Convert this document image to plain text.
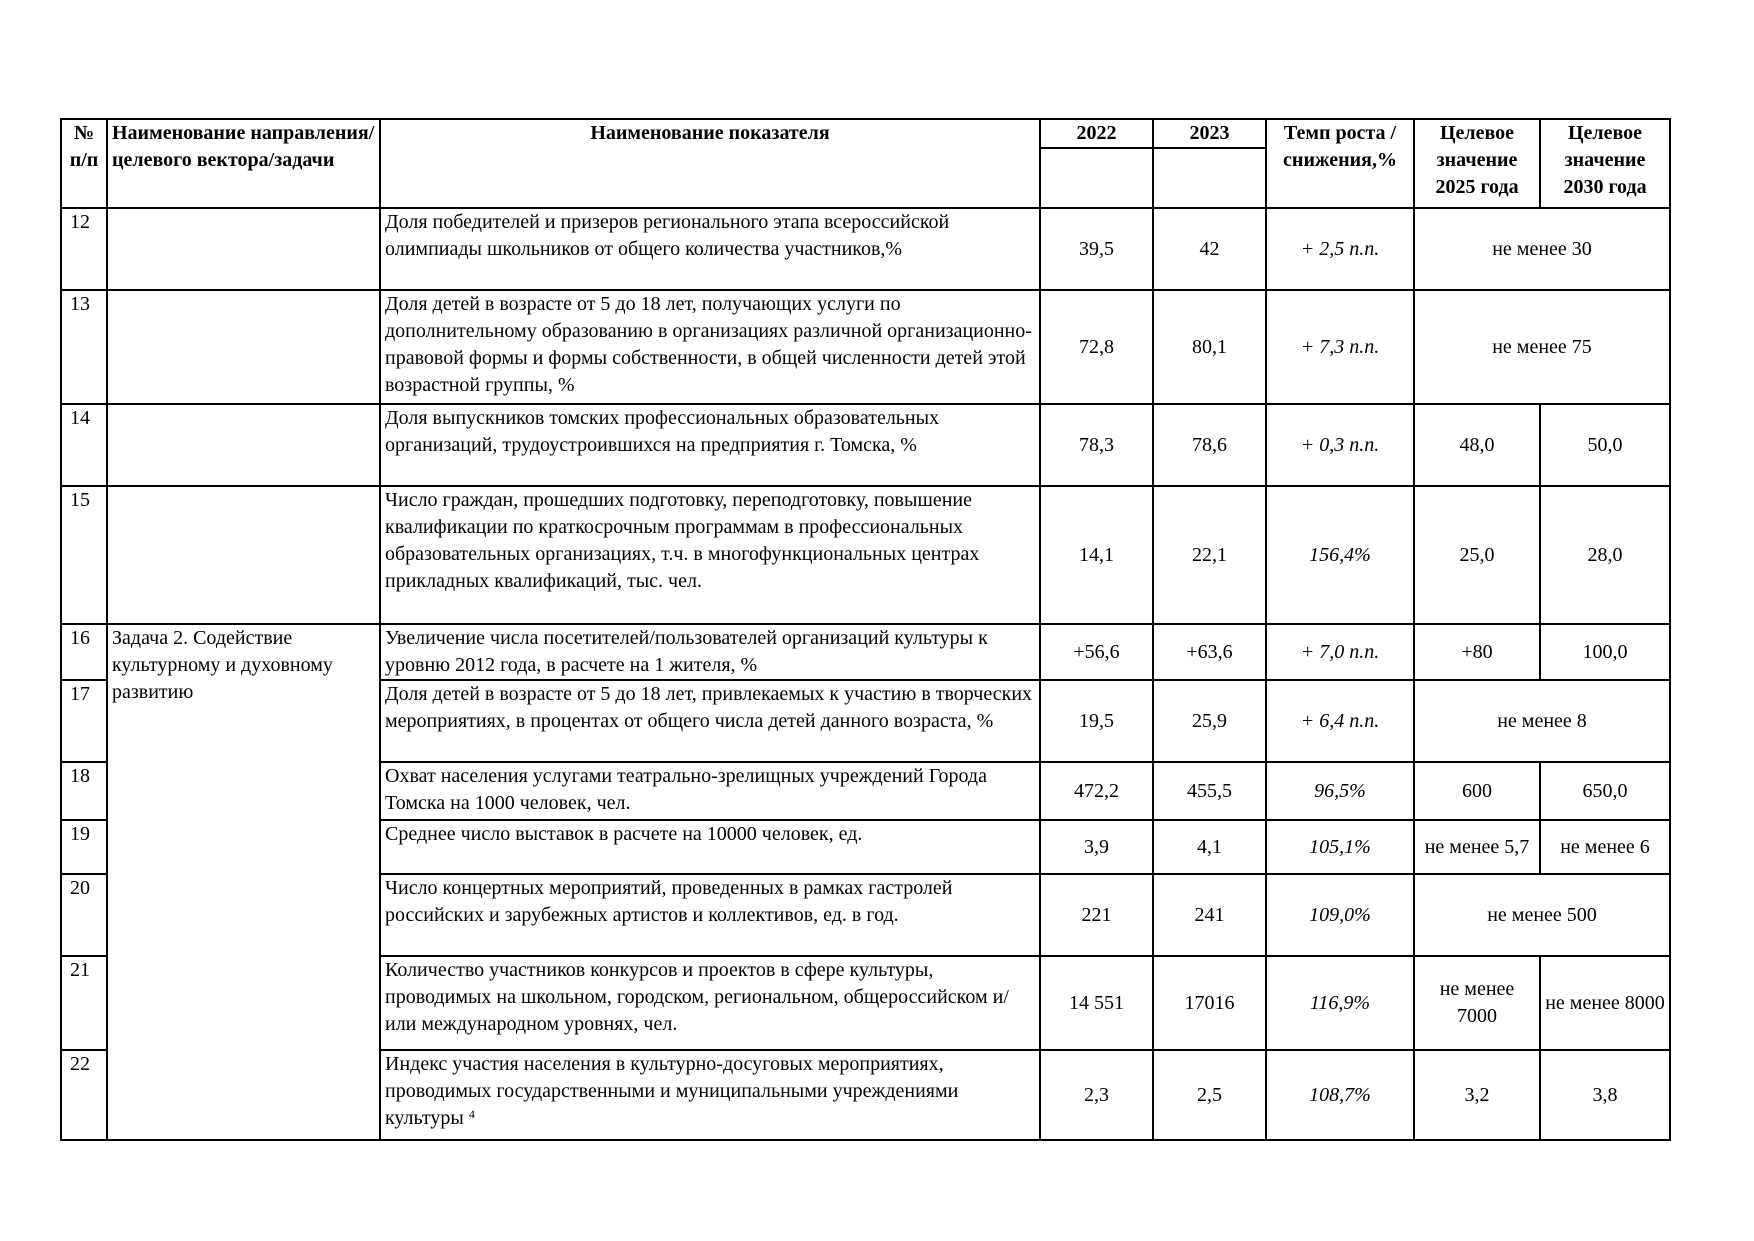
№ п/п	Наименование направления/целевого вектора/задачи	Наименование показателя	2022	2023	Темп роста / снижения,%	Целевое значение 2025 года	Целевое значение 2030 года

12		Доля победителей и призеров регионального этапа всероссийской олимпиады школьников от общего количества участников,%	39,5	42	+ 2,5 п.п.	не менее 30	
13		Доля детей в возрасте от 5 до 18 лет, получающих услуги по дополнительному образованию в организациях различной организационно-правовой формы и формы собственности, в общей численности детей этой возрастной группы, %	72,8	80,1	+ 7,3 п.п.	не менее 75	
14		Доля выпускников томских профессиональных образовательных организаций, трудоустроившихся на предприятия г. Томска, %	78,3	78,6	+ 0,3 п.п.	48,0	50,0
15		Число граждан, прошедших подготовку, переподготовку, повышение квалификации по краткосрочным программам в профессиональных образовательных организациях, т.ч. в многофункциональных центрах прикладных квалификаций, тыс. чел.	14,1	22,1	156,4%	25,0	28,0
16	Задача 2. Содействие культурному и духовному развитию	Увеличение числа посетителей/пользователей организаций культуры к уровню 2012 года, в расчете на 1 жителя, %	+56,6	+63,6	+ 7,0 п.п.	+80	100,0
17		Доля детей в возрасте от 5 до 18 лет, привлекаемых к участию в творческих мероприятиях, в процентах от общего числа детей данного возраста, %	19,5	25,9	+ 6,4 п.п.	не менее 8	
18		Охват населения услугами театрально-зрелищных учреждений Города Томска на 1000 человек, чел.	472,2	455,5	96,5%	600	650,0
19		Среднее число выставок в расчете на 10000 человек, ед.	3,9	4,1	105,1%	не менее 5,7	не менее 6
20		Число концертных мероприятий, проведенных в рамках гастролей российских и зарубежных артистов и коллективов, ед. в год.	221	241	109,0%	не менее 500	
21		Количество участников конкурсов и проектов в сфере культуры, проводимых на школьном, городском, региональном, общероссийском и/или международном уровнях, чел.	14 551	17016	116,9%	не менее 7000	не менее 8000
22		Индекс участия населения в культурно-досуговых мероприятиях, проводимых государственными и муниципальными учреждениями культуры $^4$	2,3	2,5	108,7%	3,2	3,8
